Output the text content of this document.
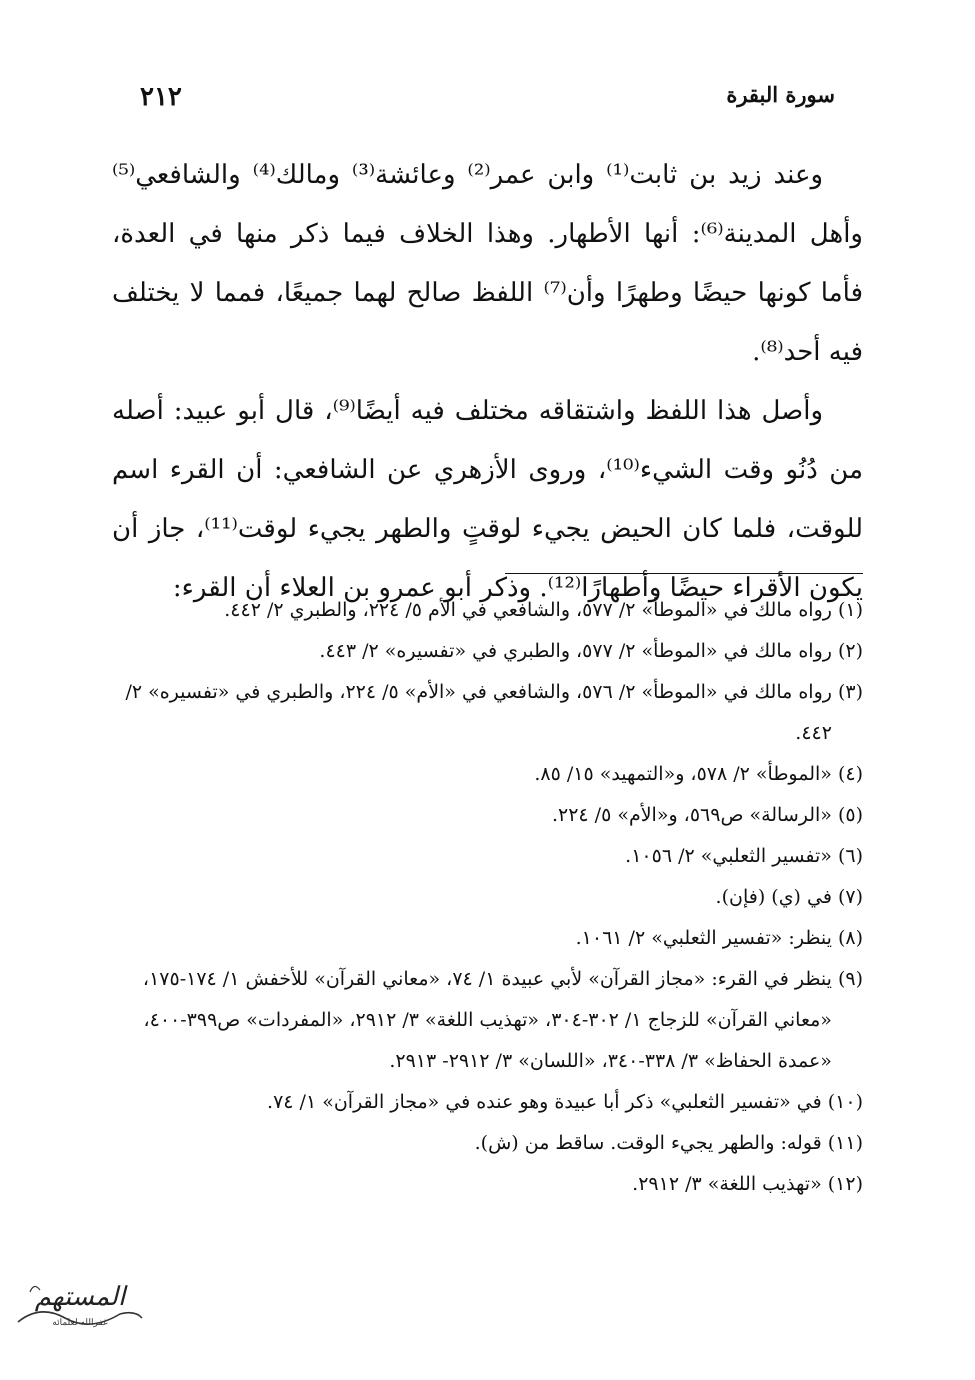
سورة البقرة
٢١٢

وعند زيد بن ثابت⁽¹⁾ وابن عمر⁽²⁾ وعائشة⁽³⁾ ومالك⁽⁴⁾ والشافعي⁽⁵⁾ وأهل المدينة⁽⁶⁾: أنها الأطهار. وهذا الخلاف فيما ذكر منها في العدة، فأما كونها حيضًا وطهرًا وأن⁽⁷⁾ اللفظ صالح لهما جميعًا، فمما لا يختلف فيه أحد⁽⁸⁾.

وأصل هذا اللفظ واشتقاقه مختلف فيه أيضًا⁽⁹⁾، قال أبو عبيد: أصله من دُنُو وقت الشيء⁽¹⁰⁾، وروى الأزهري عن الشافعي: أن القرء اسم للوقت، فلما كان الحيض يجيء لوقتٍ والطهر يجيء لوقت⁽¹¹⁾، جاز أن يكون الأقراء حيضًا وأطهارًا⁽¹²⁾. وذكر أبو عمرو بن العلاء أن القرء:

(١)
رواه مالك في «الموطأ» ٢/ ٥٧٧، والشافعي في الأم ٥/ ٢٢٤، والطبري ٢/ ٤٤٢.
(٢)
رواه مالك في «الموطأ» ٢/ ٥٧٧، والطبري في «تفسيره» ٢/ ٤٤٣.
(٣)
رواه مالك في «الموطأ» ٢/ ٥٧٦، والشافعي في «الأم» ٥/ ٢٢٤، والطبري في «تفسيره» ٢/ ٤٤٢.
(٤)
«الموطأ» ٢/ ٥٧٨، و«التمهيد» ١٥/ ٨٥.
(٥)
«الرسالة» ص٥٦٩، و«الأم» ٥/ ٢٢٤.
(٦)
«تفسير الثعلبي» ٢/ ١٠٥٦.
(٧)
في (ي) (فإن).
(٨)
ينظر: «تفسير الثعلبي» ٢/ ١٠٦١.
(٩)
ينظر في القرء: «مجاز القرآن» لأبي عبيدة ١/ ٧٤، «معاني القرآن» للأخفش ١/ ١٧٤-١٧٥، «معاني القرآن» للزجاج ١/ ٣٠٢-٣٠٤، «تهذيب اللغة» ٣/ ٢٩١٢، «المفردات» ص٣٩٩-٤٠٠، «عمدة الحفاظ» ٣/ ٣٣٨-٣٤٠، «اللسان» ٣/ ٢٩١٢- ٢٩١٣.
(١٠)
في «تفسير الثعلبي» ذكر أبا عبيدة وهو عنده في «مجاز القرآن» ١/ ٧٤.
(١١)
قوله: والطهر يجيء الوقت. ساقط من (ش).
(١٢)
«تهذيب اللغة» ٣/ ٢٩١٢.
المستهم
غفرالله لعلمائه
